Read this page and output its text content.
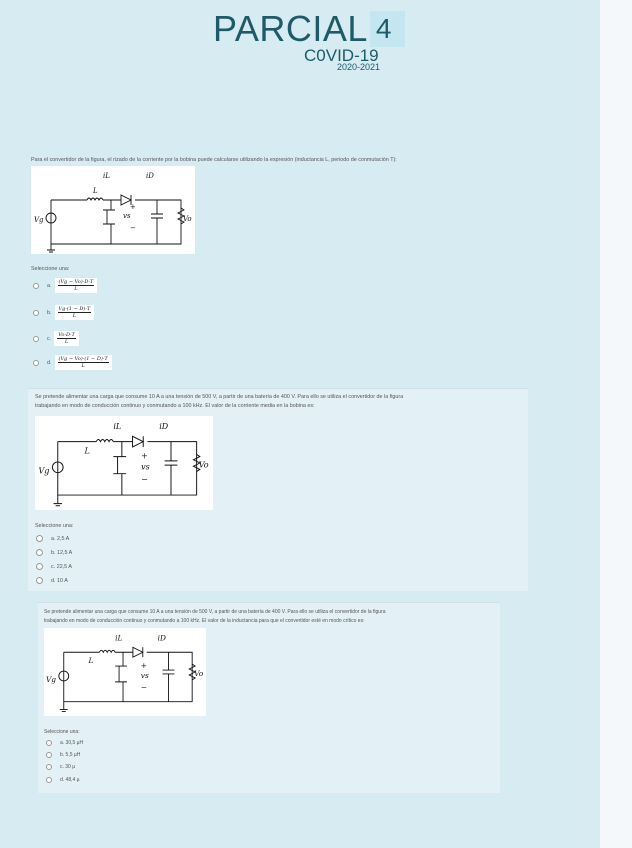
PARCIAL 4
C0VID-19
2020-2021
Para el convertidor de la figura, el rizado de la corriente por la bobina puede calcularse utilizando la expresión (inductancia L, periodo de conmutación T):
iL	iD
L
Vg	vs	Vo
+
−
Seleccione una:
a. $\frac{(Vg - Vo)\cdot D\cdot T}{L}$
b. $\frac{Vg\cdot(1 - D)\cdot T}{L}$
c. $\frac{Vo\cdot D\cdot T}{L}$
d. $\frac{(Vg - Vo)\cdot(1 - D)\cdot T}{L}$
Se pretende alimentar una carga que consume 10 A a una tensión de 500 V, a partir de una batería de 400 V. Para ello se utiliza el convertidor de la figura
trabajando en modo de conducción continuo y conmutando a 100 kHz. El valor de la corriente media en la bobina es:
iL	iD
L
Vg	vs	Vo
+
−
Seleccione una:
a. 2,5 A
b. 12,5 A
c. 22,5 A
d. 10 A
Se pretende alimentar una carga que consume 10 A a una tensión de 500 V, a partir de una batería de 400 V. Para ello se utiliza el convertidor de la figura
trabajando en modo de conducción continuo y conmutando a 100 kHz. El valor de la inductancia para que el convertidor esté en modo crítico es:
iL	iD
L
Vg	vs	Vo
+
−
Seleccione una:
a. 30,5 µH
b. 5,5 µH
c. 30 µ
d. 48,4 µ
